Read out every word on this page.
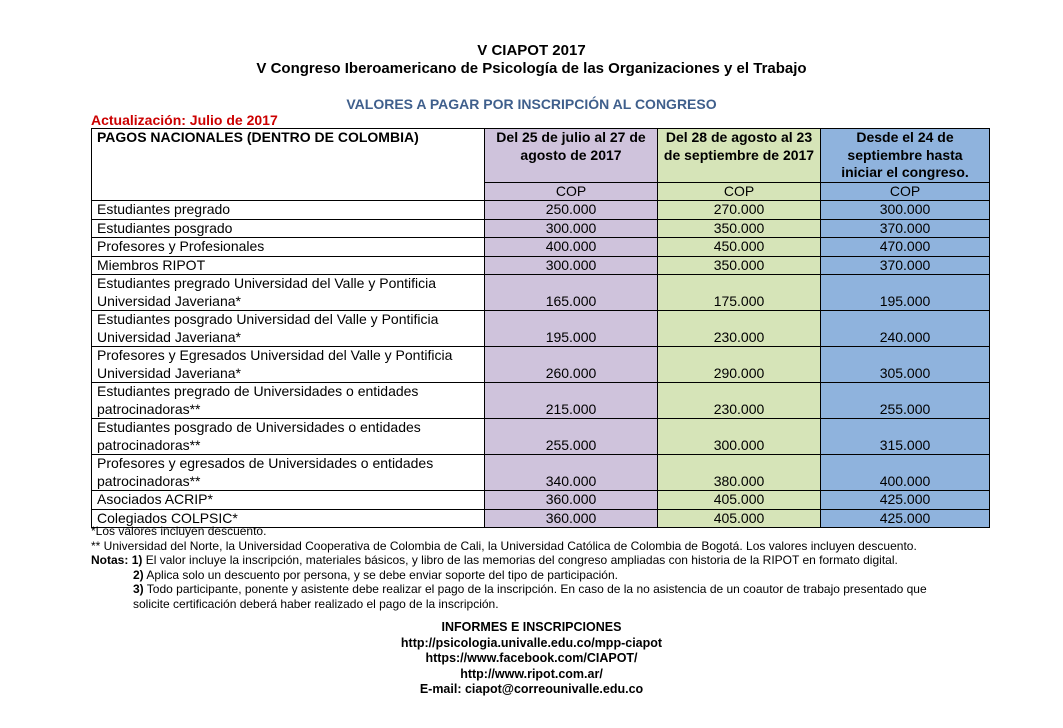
V CIAPOT 2017
V Congreso Iberoamericano de Psicología de las Organizaciones y el Trabajo
VALORES A PAGAR POR INSCRIPCIÓN AL CONGRESO
Actualización: Julio de 2017
PAGOS NACIONALES (DENTRO DE COLOMBIA)	Del 25 de julio al 27 de agosto de 2017	Del 28 de agosto al 23 de septiembre de 2017	Desde el 24 de septiembre hasta iniciar el congreso.
	COP	COP	COP
Estudiantes pregrado	250.000	270.000	300.000
Estudiantes posgrado	300.000	350.000	370.000
Profesores y Profesionales	400.000	450.000	470.000
Miembros RIPOT	300.000	350.000	370.000
Estudiantes pregrado Universidad del Valle y Pontificia Universidad Javeriana*	165.000	175.000	195.000
Estudiantes posgrado Universidad del Valle y Pontificia Universidad Javeriana*	195.000	230.000	240.000
Profesores y Egresados Universidad del Valle y Pontificia Universidad Javeriana*	260.000	290.000	305.000
Estudiantes pregrado de Universidades o entidades patrocinadoras**	215.000	230.000	255.000
Estudiantes posgrado de Universidades o entidades patrocinadoras**	255.000	300.000	315.000
Profesores y egresados de Universidades o entidades patrocinadoras**	340.000	380.000	400.000
Asociados ACRIP*	360.000	405.000	425.000
Colegiados COLPSIC*	360.000	405.000	425.000
*Los valores incluyen descuento.
** Universidad del Norte, la Universidad Cooperativa de Colombia de Cali, la Universidad Católica de Colombia de Bogotá. Los valores incluyen descuento.
Notas: 1) El valor incluye la inscripción, materiales básicos, y libro de las memorias del congreso ampliadas con historia de la RIPOT en formato digital.
2) Aplica solo un descuento por persona, y se debe enviar soporte del tipo de participación.
3) Todo participante, ponente y asistente debe realizar el pago de la inscripción. En caso de la no asistencia de un coautor de trabajo presentado que
solicite certificación deberá haber realizado el pago de la inscripción.
INFORMES E INSCRIPCIONES
http://psicologia.univalle.edu.co/mpp-ciapot
https://www.facebook.com/CIAPOT/
http://www.ripot.com.ar/
E-mail: ciapot@correounivalle.edu.co
